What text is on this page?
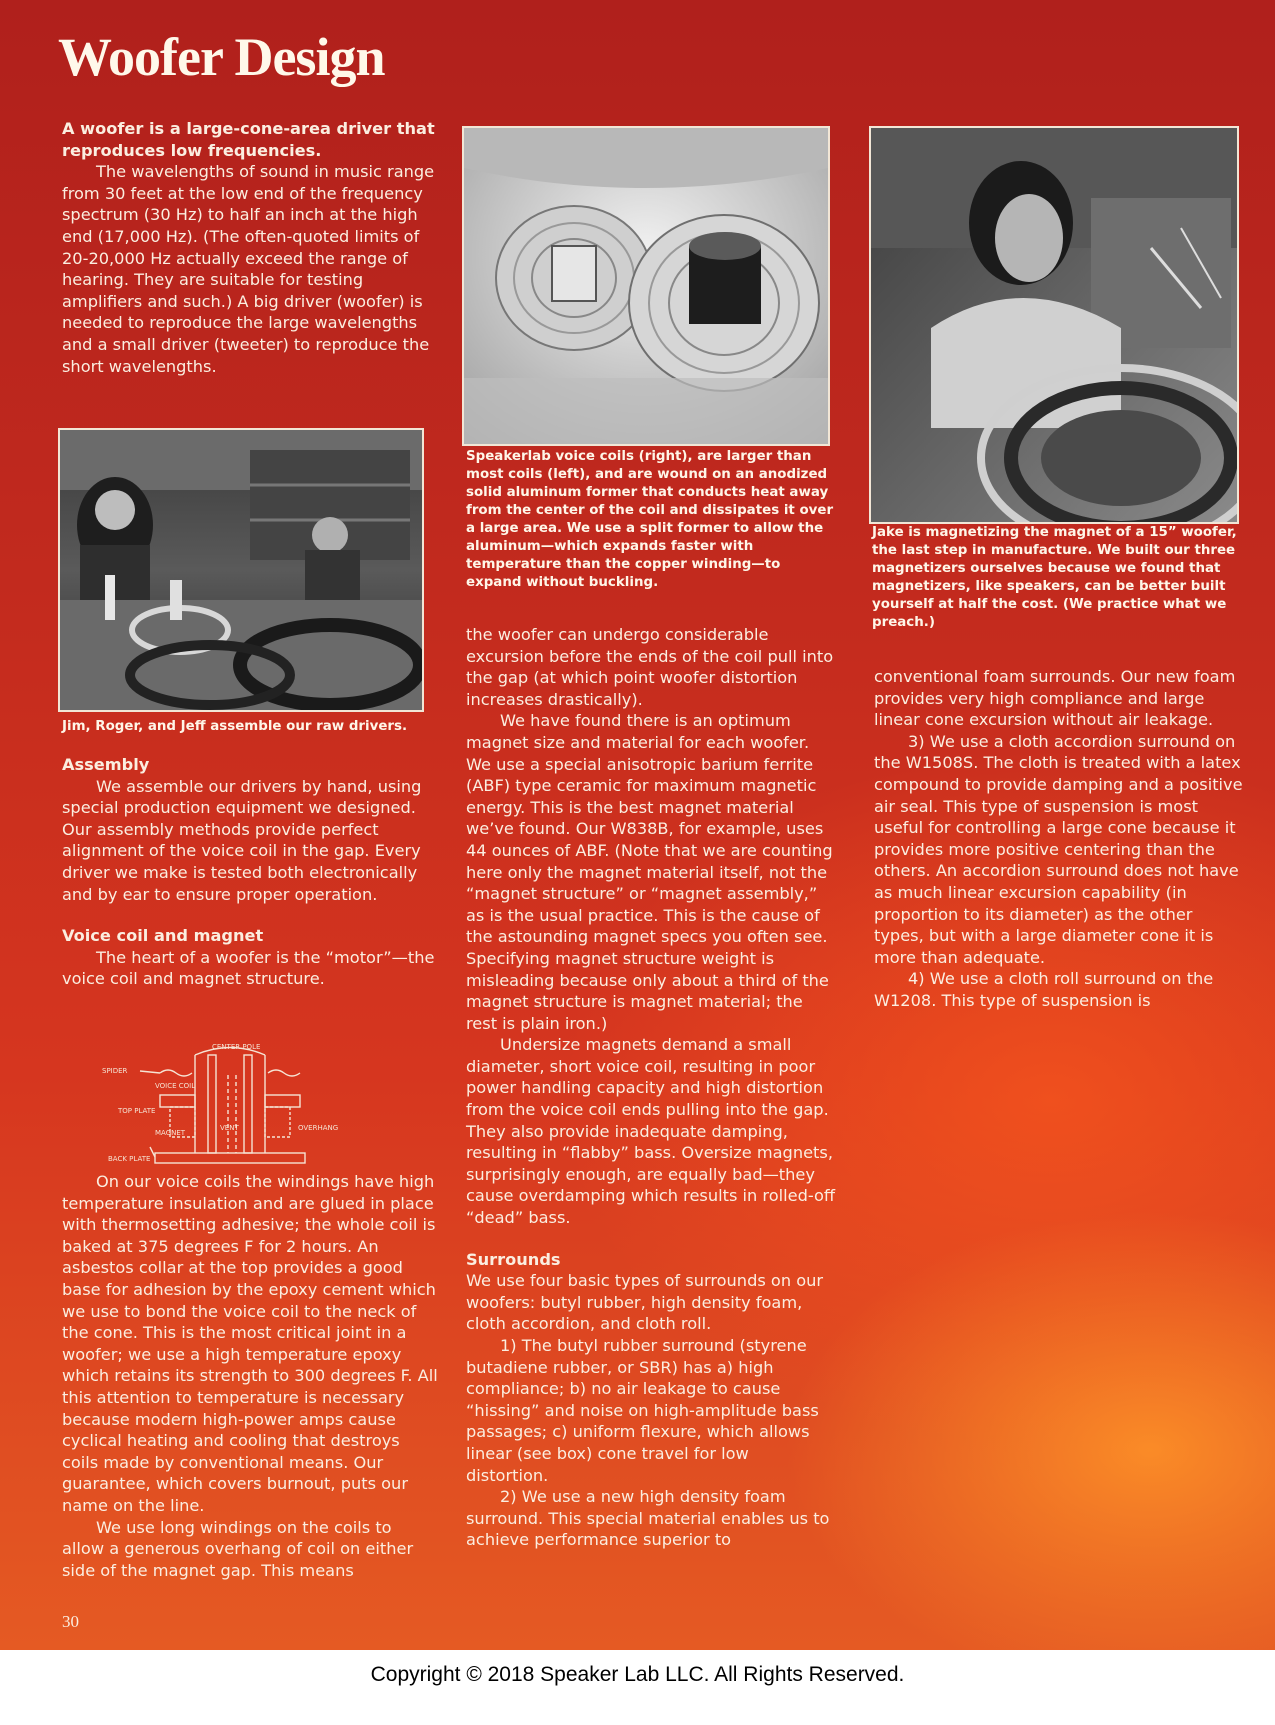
Woofer Design

A woofer is a large-cone-area driver that reproduces low frequencies.

The wavelengths of sound in music range from 30 feet at the low end of the frequency spectrum (30 Hz) to half an inch at the high end (17,000 Hz). (The often-quoted limits of 20-20,000 Hz actually exceed the range of hearing. They are suitable for testing amplifiers and such.) A big driver (woofer) is needed to reproduce the large wavelengths and a small driver (tweeter) to reproduce the short wavelengths.

Jim, Roger, and Jeff assemble our raw drivers.

Assembly

We assemble our drivers by hand, using special production equipment we designed. Our assembly methods provide perfect alignment of the voice coil in the gap. Every driver we make is tested both electronically and by ear to ensure proper operation.

Voice coil and magnet

The heart of a woofer is the “motor”—the voice coil and magnet structure.

CENTER POLE
SPIDER
VOICE COIL
TOP PLATE
MAGNET
VENT	OVERHANG
BACK PLATE

On our voice coils the windings have high temperature insulation and are glued in place with thermosetting adhesive; the whole coil is baked at 375 degrees F for 2 hours. An asbestos collar at the top provides a good base for adhesion by the epoxy cement which we use to bond the voice coil to the neck of the cone. This is the most critical joint in a woofer; we use a high temperature epoxy which retains its strength to 300 degrees F. All this attention to temperature is necessary because modern high-power amps cause cyclical heating and cooling that destroys coils made by conventional means. Our guarantee, which covers burnout, puts our name on the line.

We use long windings on the coils to allow a generous overhang of coil on either side of the magnet gap. This means

Speakerlab voice coils (right), are larger than most coils (left), and are wound on an anodized solid aluminum former that conducts heat away from the center of the coil and dissipates it over a large area. We use a split former to allow the aluminum—which expands faster with temperature than the copper winding—to expand without buckling.

the woofer can undergo considerable excursion before the ends of the coil pull into the gap (at which point woofer distortion increases drastically).

We have found there is an optimum magnet size and material for each woofer. We use a special anisotropic barium ferrite (ABF) type ceramic for maximum magnetic energy. This is the best magnet material we’ve found. Our W838B, for example, uses 44 ounces of ABF. (Note that we are counting here only the magnet material itself, not the “magnet structure” or “magnet assembly,” as is the usual practice. This is the cause of the astounding magnet specs you often see. Specifying magnet structure weight is misleading because only about a third of the magnet structure is magnet material; the rest is plain iron.)

Undersize magnets demand a small diameter, short voice coil, resulting in poor power handling capacity and high distortion from the voice coil ends pulling into the gap. They also provide inadequate damping, resulting in “flabby” bass. Oversize magnets, surprisingly enough, are equally bad—they cause overdamping which results in rolled-off “dead” bass.

Surrounds

We use four basic types of surrounds on our woofers: butyl rubber, high density foam, cloth accordion, and cloth roll.

1) The butyl rubber surround (styrene butadiene rubber, or SBR) has a) high compliance; b) no air leakage to cause “hissing” and noise on high-amplitude bass passages; c) uniform flexure, which allows linear (see box) cone travel for low distortion.

2) We use a new high density foam surround. This special material enables us to achieve performance superior to

Jake is magnetizing the magnet of a 15” woofer, the last step in manufacture. We built our three magnetizers ourselves because we found that magnetizers, like speakers, can be better built yourself at half the cost. (We practice what we preach.)

conventional foam surrounds. Our new foam provides very high compliance and large linear cone excursion without air leakage.

3) We use a cloth accordion surround on the W1508S. The cloth is treated with a latex compound to provide damping and a positive air seal. This type of suspension is most useful for controlling a large cone because it provides more positive centering than the others. An accordion surround does not have as much linear excursion capability (in proportion to its diameter) as the other types, but with a large diameter cone it is more than adequate.

4) We use a cloth roll surround on the W1208. This type of suspension is

30

Copyright © 2018 Speaker Lab LLC. All Rights Reserved.
